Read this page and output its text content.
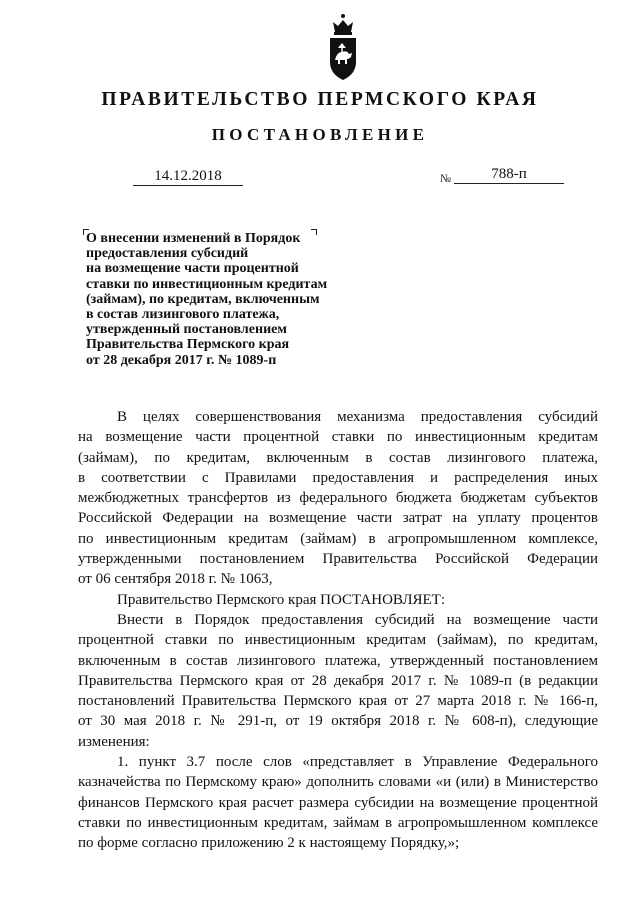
ПРАВИТЕЛЬСТВО ПЕРМСКОГО КРАЯ
ПОСТАНОВЛЕНИЕ
14.12.2018	№	788-п
О внесении изменений в Порядок
предоставления субсидий
на возмещение части процентной
ставки по инвестиционным кредитам
(займам), по кредитам, включенным
в состав лизингового платежа,
утвержденный постановлением
Правительства Пермского края
от 28 декабря 2017 г. № 1089-п

В целях совершенствования механизма предоставления субсидий

на возмещение части процентной ставки по инвестиционным кредитам

(займам), по кредитам, включенным в состав лизингового платежа,

в соответствии с Правилами предоставления и распределения иных

межбюджетных трансфертов из федерального бюджета бюджетам субъектов

Российской Федерации на возмещение части затрат на уплату процентов

по инвестиционным кредитам (займам) в агропромышленном комплексе,

утвержденными постановлением Правительства Российской Федерации

от 06 сентября 2018 г. № 1063,

Правительство Пермского края ПОСТАНОВЛЯЕТ:

Внести в Порядок предоставления субсидий на возмещение части

процентной ставки по инвестиционным кредитам (займам), по кредитам,

включенным в состав лизингового платежа, утвержденный постановлением

Правительства Пермского края от 28 декабря 2017 г. № 1089-п (в редакции

постановлений Правительства Пермского края от 27 марта 2018 г. № 166-п,

от 30 мая 2018 г. № 291-п, от 19 октября 2018 г. № 608-п), следующие

изменения:

1. пункт 3.7 после слов «представляет в Управление Федерального

казначейства по Пермскому краю» дополнить словами «и (или) в Министерство

финансов Пермского края расчет размера субсидии на возмещение процентной

ставки по инвестиционным кредитам, займам в агропромышленном комплексе

по форме согласно приложению 2 к настоящему Порядку,»;
